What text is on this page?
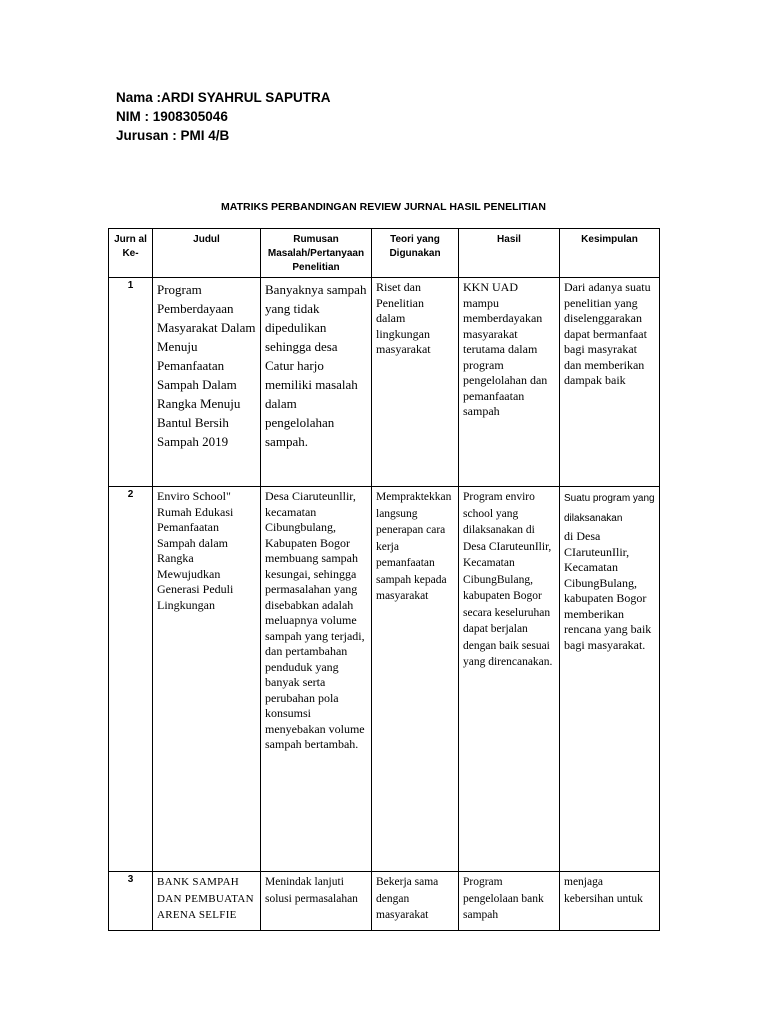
Nama :ARDI SYAHRUL SAPUTRA
NIM : 1908305046
Jurusan : PMI 4/B
MATRIKS PERBANDINGAN REVIEW JURNAL HASIL PENELITIAN
Jurn al Ke-	Judul	Rumusan Masalah/Pertanyaan Penelitian	Teori yang Digunakan	Hasil	Kesimpulan
1	Program Pemberdayaan Masyarakat Dalam Menuju Pemanfaatan Sampah Dalam Rangka Menuju Bantul Bersih Sampah 2019	Banyaknya sampah yang tidak dipedulikan sehingga desa Catur harjo memiliki masalah dalam pengelolahan sampah.	Riset dan Penelitian dalam lingkungan masyarakat	KKN UAD mampu memberdayakan masyarakat terutama dalam program pengelolahan dan pemanfaatan sampah	Dari adanya suatu penelitian yang diselenggarakan dapat bermanfaat bagi masyrakat dan memberikan dampak baik
2	Enviro School" Rumah Edukasi Pemanfaatan Sampah dalam Rangka Mewujudkan Generasi Peduli Lingkungan	Desa Ciaruteunllir, kecamatan Cibungbulang, Kabupaten Bogor membuang sampah kesungai, sehingga permasalahan yang disebabkan adalah meluapnya volume sampah yang terjadi, dan pertambahan penduduk yang banyak serta perubahan pola konsumsi menyebakan volume sampah bertambah.	Mempraktekkan langsung penerapan cara kerja pemanfaatan sampah kepada masyarakat	Program enviro school yang dilaksanakan di Desa CIaruteunIlir, Kecamatan CibungBulang, kabupaten Bogor secara keseluruhan dapat berjalan dengan baik sesuai yang direncanakan.	Suatu program yang dilaksanakan
di Desa CIaruteunIlir, Kecamatan CibungBulang, kabupaten Bogor memberikan rencana yang baik bagi masyarakat.

3	BANK SAMPAH DAN PEMBUATAN ARENA SELFIE	Menindak lanjuti solusi permasalahan	Bekerja sama dengan masyarakat	Program pengelolaan bank sampah	menjaga kebersihan untuk
